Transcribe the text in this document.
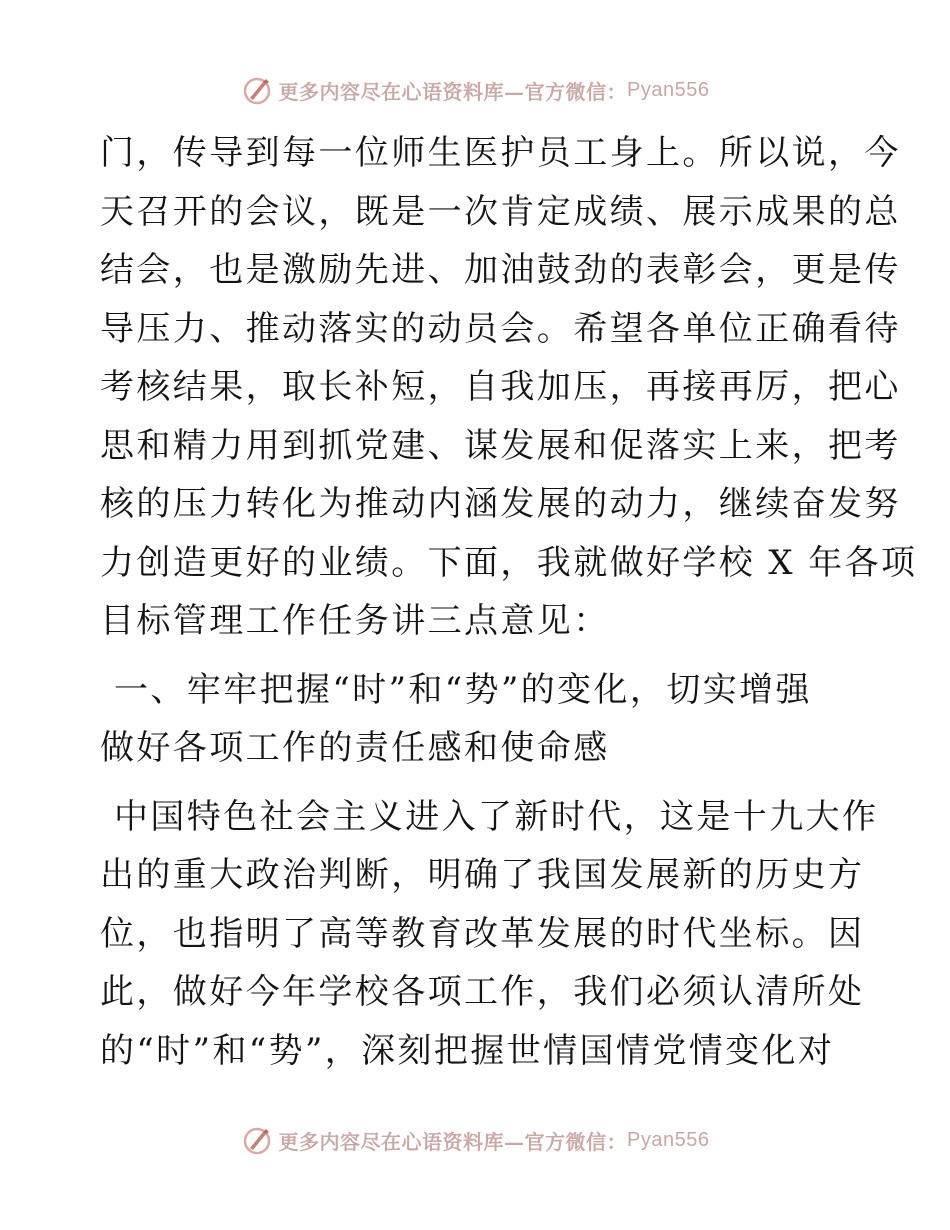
更多内容尽在心语资料库—官方微信： Pyan556
门，传导到每一位师生医护员工身上。所以说，今
天召开的会议，既是一次肯定成绩、展示成果的总
结会，也是激励先进、加油鼓劲的表彰会，更是传
导压力、推动落实的动员会。希望各单位正确看待
考核结果，取长补短，自我加压，再接再厉，把心
思和精力用到抓党建、谋发展和促落实上来，把考
核的压力转化为推动内涵发展的动力，继续奋发努
力创造更好的业绩。下面，我就做好学校 X 年各项
目标管理工作任务讲三点意见：
一、牢牢把握“时”和“势”的变化，切实增强
做好各项工作的责任感和使命感
中国特色社会主义进入了新时代，这是十九大作
出的重大政治判断，明确了我国发展新的历史方
位，也指明了高等教育改革发展的时代坐标。因
此，做好今年学校各项工作，我们必须认清所处
的“时”和“势”，深刻把握世情国情党情变化对
更多内容尽在心语资料库—官方微信： Pyan556
